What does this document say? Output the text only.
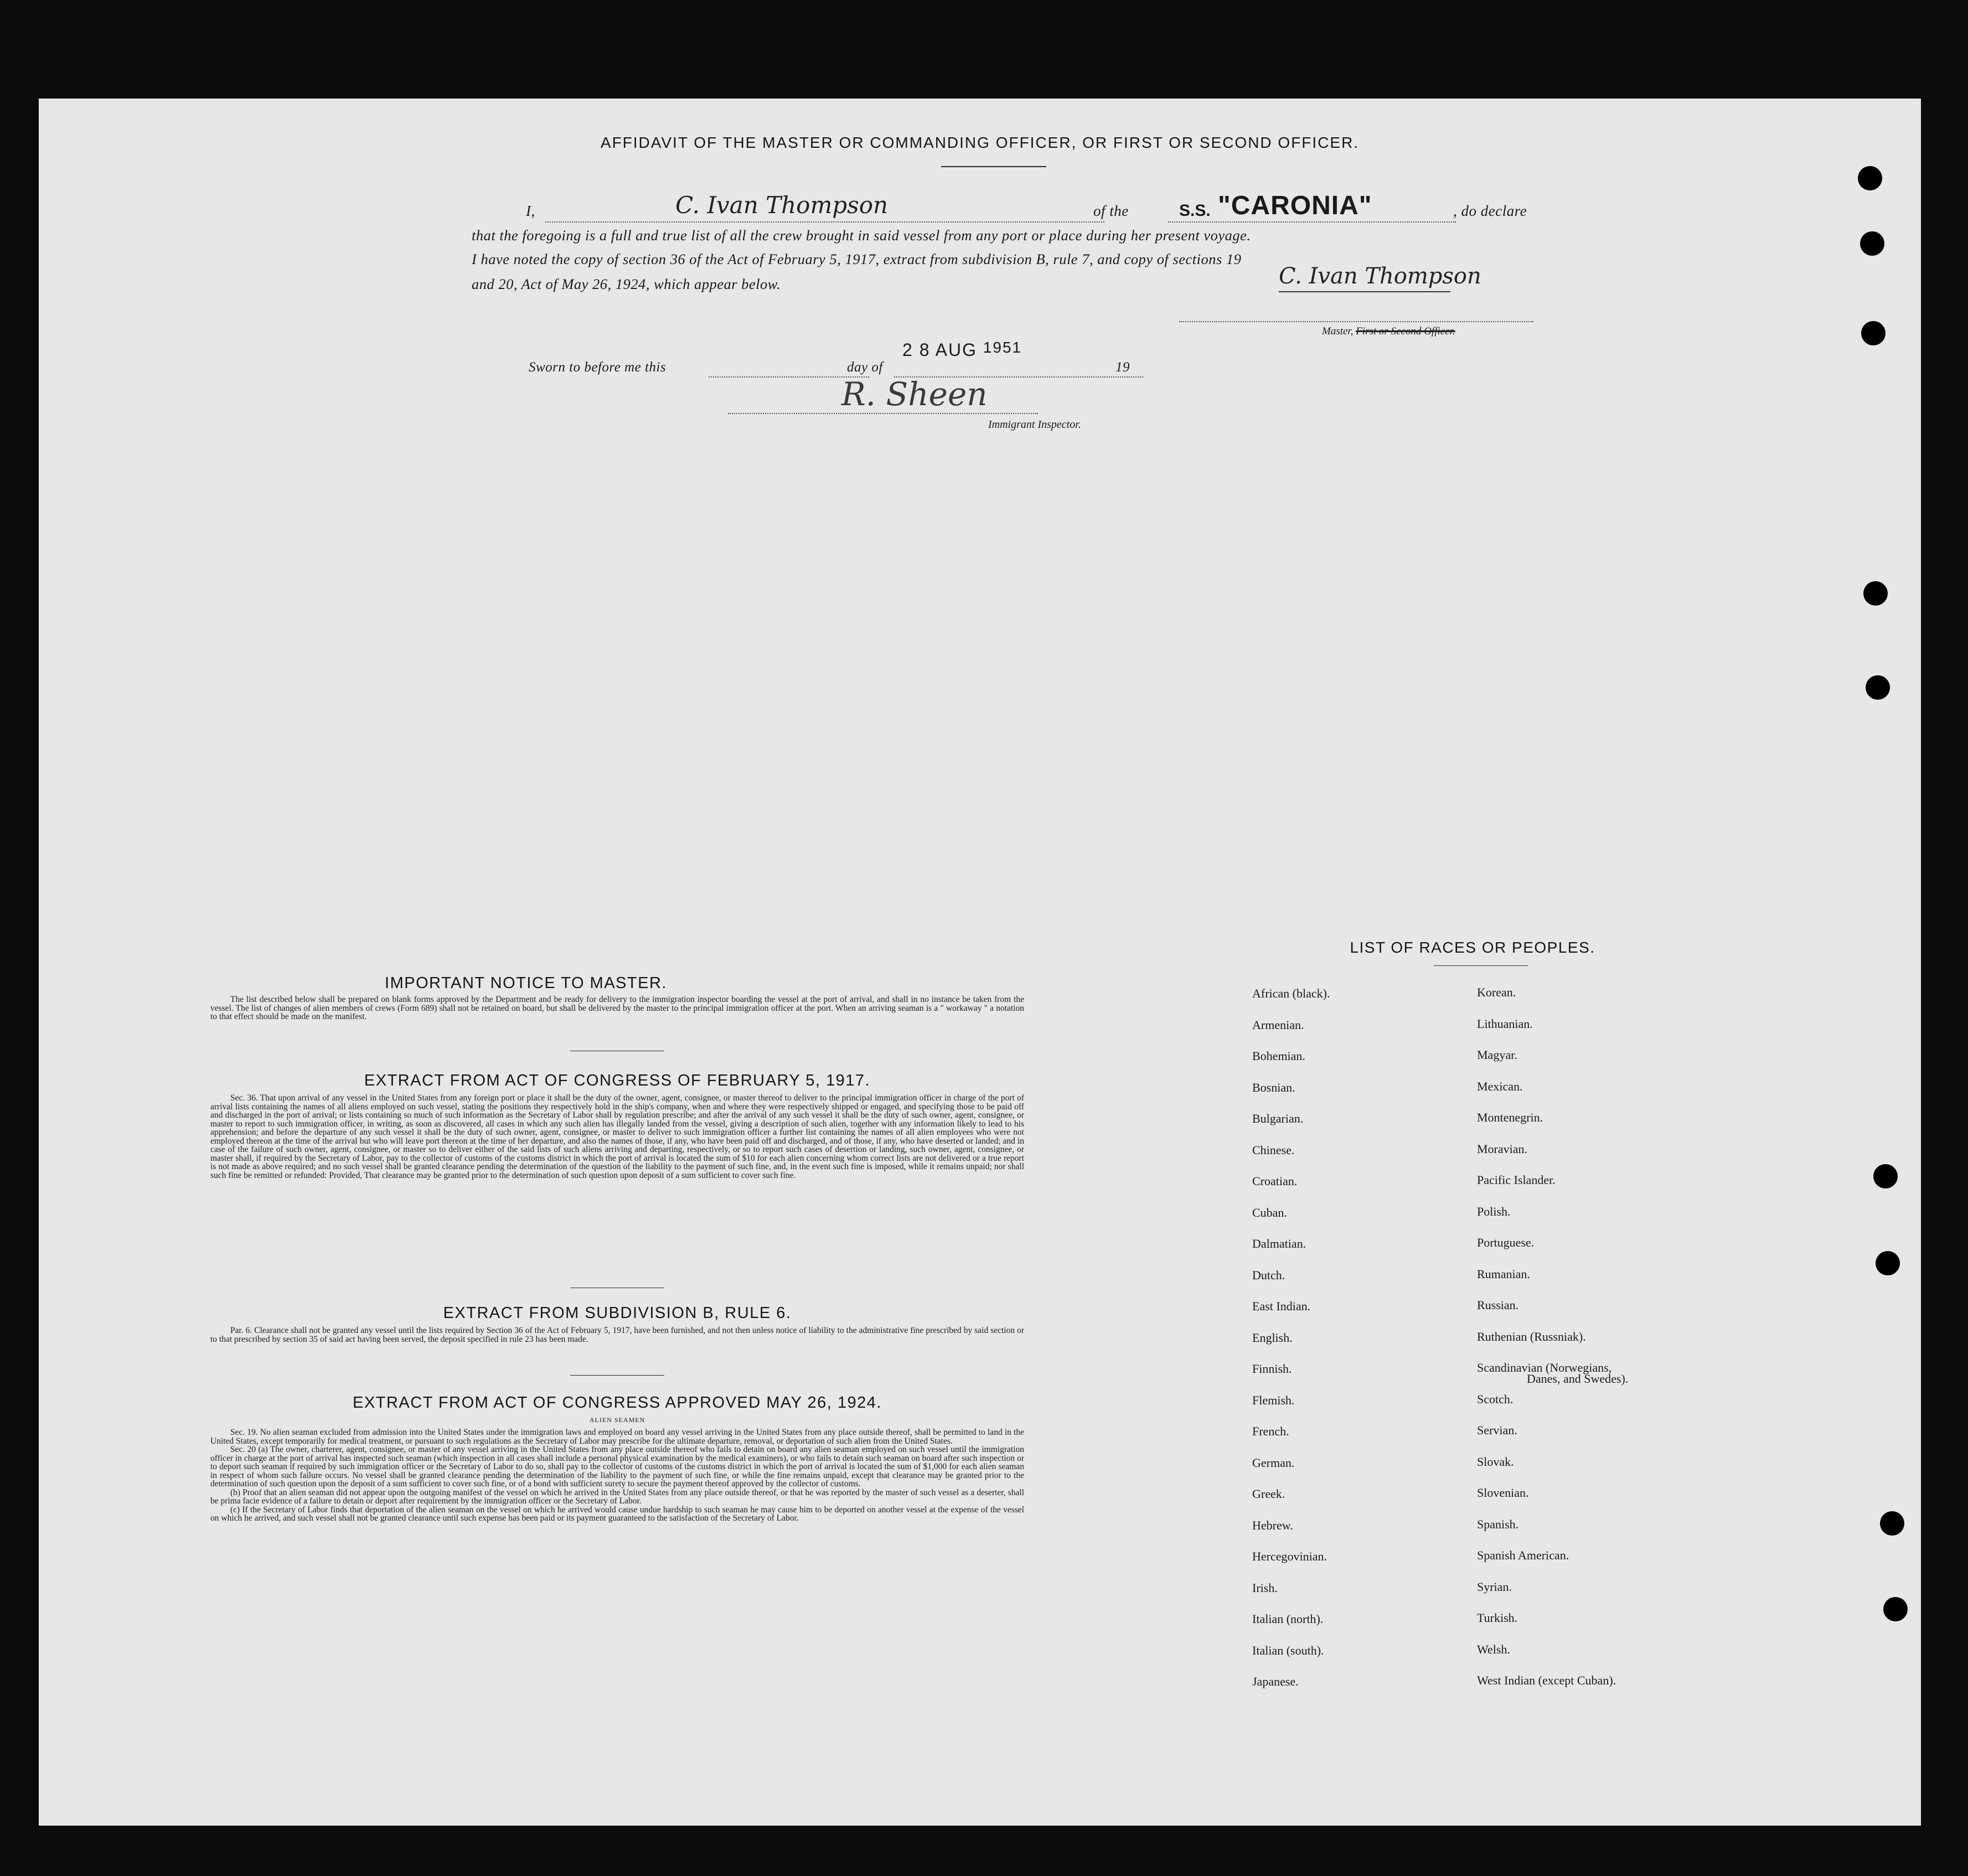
AFFIDAVIT OF THE MASTER OR COMMANDING OFFICER, OR FIRST OR SECOND OFFICER.
I,	C. Ivan Thompson	of the	S.S. "CARONIA"	, do declare
that the foregoing is a full and true list of all the crew brought in said vessel from any port or place during her present voyage.
I have noted the copy of section 36 of the Act of February 5, 1917, extract from subdivision B, rule 7, and copy of sections 19
and 20, Act of May 26, 1924, which appear below.	C. Ivan Thompson
Master, First or Second Officer.
Sworn to before me this	day of
2 8 AUG 1951
19
R. Sheen
Immigrant Inspector.
IMPORTANT NOTICE TO MASTER.

The list described below shall be prepared on blank forms approved by the Department and be ready for delivery to the immigration inspector boarding the vessel at the port of arrival, and shall in no instance be taken from the vessel. The list of changes of alien members of crews (Form 689) shall not be retained on board, but shall be delivered by the master to the principal immigration officer at the port. When an arriving seaman is a " workaway " a notation to that effect should be made on the manifest.

EXTRACT FROM ACT OF CONGRESS OF FEBRUARY 5, 1917.

Sec. 36. That upon arrival of any vessel in the United States from any foreign port or place it shall be the duty of the owner, agent, consignee, or master thereof to deliver to the principal immigration officer in charge of the port of arrival lists containing the names of all aliens employed on such vessel, stating the positions they respectively hold in the ship's company, when and where they were respectively shipped or engaged, and specifying those to be paid off and discharged in the port of arrival; or lists containing so much of such information as the Secretary of Labor shall by regulation prescribe; and after the arrival of any such vessel it shall be the duty of such owner, agent, consignee, or master to report to such immigration officer, in writing, as soon as discovered, all cases in which any such alien has illegally landed from the vessel, giving a description of such alien, together with any information likely to lead to his apprehension; and before the departure of any such vessel it shall be the duty of such owner, agent, consignee, or master to deliver to such immigration officer a further list containing the names of all alien employees who were not employed thereon at the time of the arrival but who will leave port thereon at the time of her departure, and also the names of those, if any, who have been paid off and discharged, and of those, if any, who have deserted or landed; and in case of the failure of such owner, agent, consignee, or master so to deliver either of the said lists of such aliens arriving and departing, respectively, or so to report such cases of desertion or landing, such owner, agent, consignee, or master shall, if required by the Secretary of Labor, pay to the collector of customs of the customs district in which the port of arrival is located the sum of $10 for each alien concerning whom correct lists are not delivered or a true report is not made as above required; and no such vessel shall be granted clearance pending the determination of the question of the liability to the payment of such fine, and, in the event such fine is imposed, while it remains unpaid; nor shall such fine be remitted or refunded: Provided, That clearance may be granted prior to the determination of such question upon deposit of a sum sufficient to cover such fine.

EXTRACT FROM SUBDIVISION B, RULE 6.

Par. 6. Clearance shall not be granted any vessel until the lists required by Section 36 of the Act of February 5, 1917, have been furnished, and not then unless notice of liability to the administrative fine prescribed by said section or to that prescribed by section 35 of said act having been served, the deposit specified in rule 23 has been made.

EXTRACT FROM ACT OF CONGRESS APPROVED MAY 26, 1924.
ALIEN SEAMEN

Sec. 19. No alien seaman excluded from admission into the United States under the immigration laws and employed on board any vessel arriving in the United States from any place outside thereof, shall be permitted to land in the United States, except temporarily for medical treatment, or pursuant to such regulations as the Secretary of Labor may prescribe for the ultimate departure, removal, or deportation of such alien from the United States.

Sec. 20 (a) The owner, charterer, agent, consignee, or master of any vessel arriving in the United States from any place outside thereof who fails to detain on board any alien seaman employed on such vessel until the immigration officer in charge at the port of arrival has inspected such seaman (which inspection in all cases shall include a personal physical examination by the medical examiners), or who fails to detain such seaman on board after such inspection or to deport such seaman if required by such immigration officer or the Secretary of Labor to do so, shall pay to the collector of customs of the customs district in which the port of arrival is located the sum of $1,000 for each alien seaman in respect of whom such failure occurs. No vessel shall be granted clearance pending the determination of the liability to the payment of such fine, or while the fine remains unpaid, except that clearance may be granted prior to the determination of such question upon the deposit of a sum sufficient to cover such fine, or of a bond with sufficient surety to secure the payment thereof approved by the collector of customs.

(b) Proof that an alien seaman did not appear upon the outgoing manifest of the vessel on which he arrived in the United States from any place outside thereof, or that he was reported by the master of such vessel as a deserter, shall be prima facie evidence of a failure to detain or deport after requirement by the immigration officer or the Secretary of Labor.

(c) If the Secretary of Labor finds that deportation of the alien seaman on the vessel on which he arrived would cause undue hardship to such seaman he may cause him to be deported on another vessel at the expense of the vessel on which he arrived, and such vessel shall not be granted clearance until such expense has been paid or its payment guaranteed to the satisfaction of the Secretary of Labor.

LIST OF RACES OR PEOPLES.
African (black).
Armenian.
Bohemian.
Bosnian.
Bulgarian.
Chinese.
Croatian.
Cuban.
Dalmatian.
Dutch.
East Indian.
English.
Finnish.
Flemish.
French.
German.
Greek.
Hebrew.
Hercegovinian.
Irish.
Italian (north).
Italian (south).
Japanese.
Korean.
Lithuanian.
Magyar.
Mexican.
Montenegrin.
Moravian.
Pacific Islander.
Polish.
Portuguese.
Rumanian.
Russian.
Ruthenian (Russniak).
Scandinavian (Norwegians,
Scotch.
Servian.
Slovak.
Slovenian.
Spanish.
Spanish American.
Syrian.
Turkish.
Welsh.
West Indian (except Cuban).
Danes, and Swedes).
